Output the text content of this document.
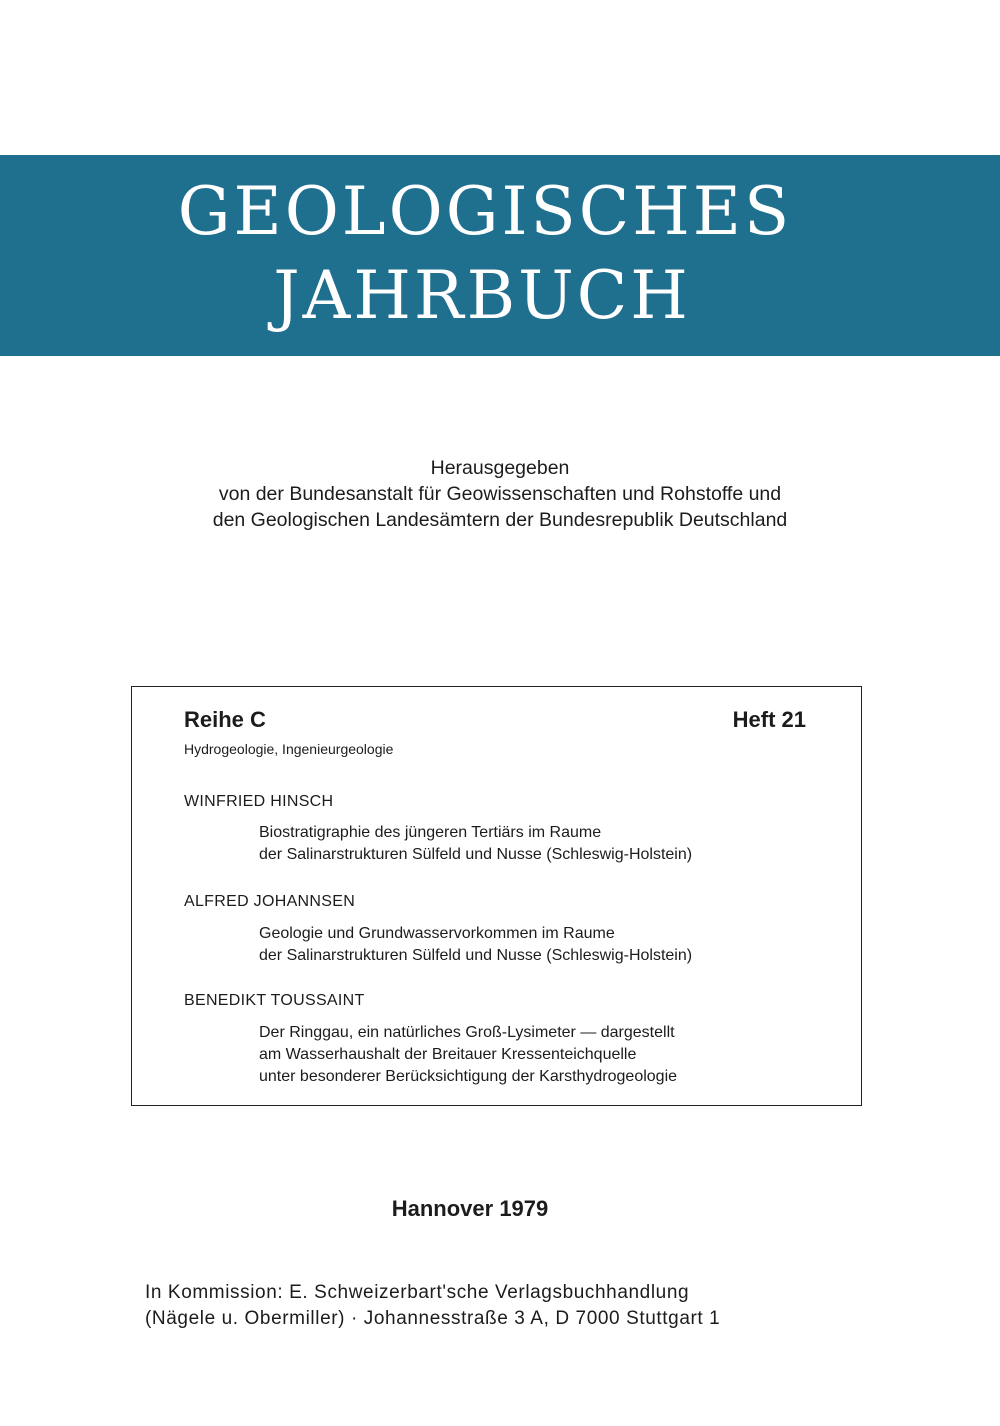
GEOLOGISCHES
JAHRBUCH
Herausgegeben
von der Bundesanstalt für Geowissenschaften und Rohstoffe und
den Geologischen Landesämtern der Bundesrepublik Deutschland
Reihe C	Heft 21
Hydrogeologie, Ingenieurgeologie
WINFRIED HINSCH
Biostratigraphie des jüngeren Tertiärs im Raume
der Salinarstrukturen Sülfeld und Nusse (Schleswig-Holstein)
ALFRED JOHANNSEN
Geologie und Grundwasservorkommen im Raume
der Salinarstrukturen Sülfeld und Nusse (Schleswig-Holstein)
BENEDIKT TOUSSAINT
Der Ringgau, ein natürliches Groß-Lysimeter — dargestellt
am Wasserhaushalt der Breitauer Kressenteichquelle
unter besonderer Berücksichtigung der Karsthydrogeologie
Hannover 1979
In Kommission: E. Schweizerbart'sche Verlagsbuchhandlung
(Nägele u. Obermiller) · Johannesstraße 3 A, D 7000 Stuttgart 1
